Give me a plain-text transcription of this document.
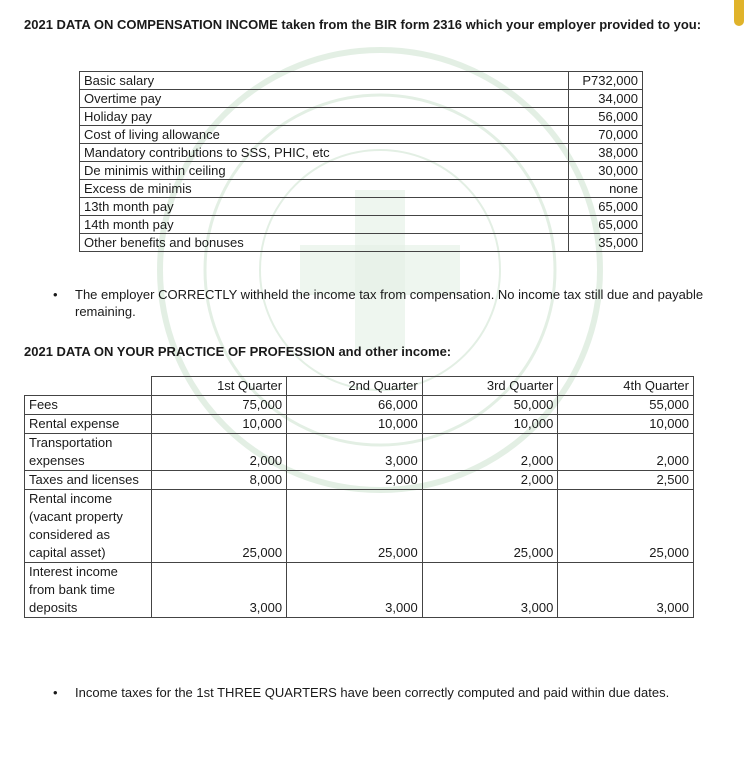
2021 DATA ON COMPENSATION INCOME taken from the BIR form 2316 which your employer provided to you:
Basic salary	P732,000
Overtime pay	34,000
Holiday pay	56,000
Cost of living allowance	70,000
Mandatory contributions to SSS, PHIC, etc	38,000
De minimis within ceiling	30,000
Excess de minimis	none
13th month pay	65,000
14th month pay	65,000
Other benefits and bonuses	35,000
• The employer CORRECTLY withheld the income tax from compensation. No income tax still due and payable remaining.
2021 DATA ON YOUR PRACTICE OF PROFESSION and other income:
	1st Quarter	2nd Quarter	3rd Quarter	4th Quarter
Fees	75,000	66,000	50,000	55,000
Rental expense	10,000	10,000	10,000	10,000
Transportation expenses	2,000	3,000	2,000	2,000
Taxes and licenses	8,000	2,000	2,000	2,500
Rental income (vacant property considered as capital asset)	25,000	25,000	25,000	25,000
Interest income from bank time deposits	3,000	3,000	3,000	3,000
• Income taxes for the 1st THREE QUARTERS have been correctly computed and paid within due dates.
